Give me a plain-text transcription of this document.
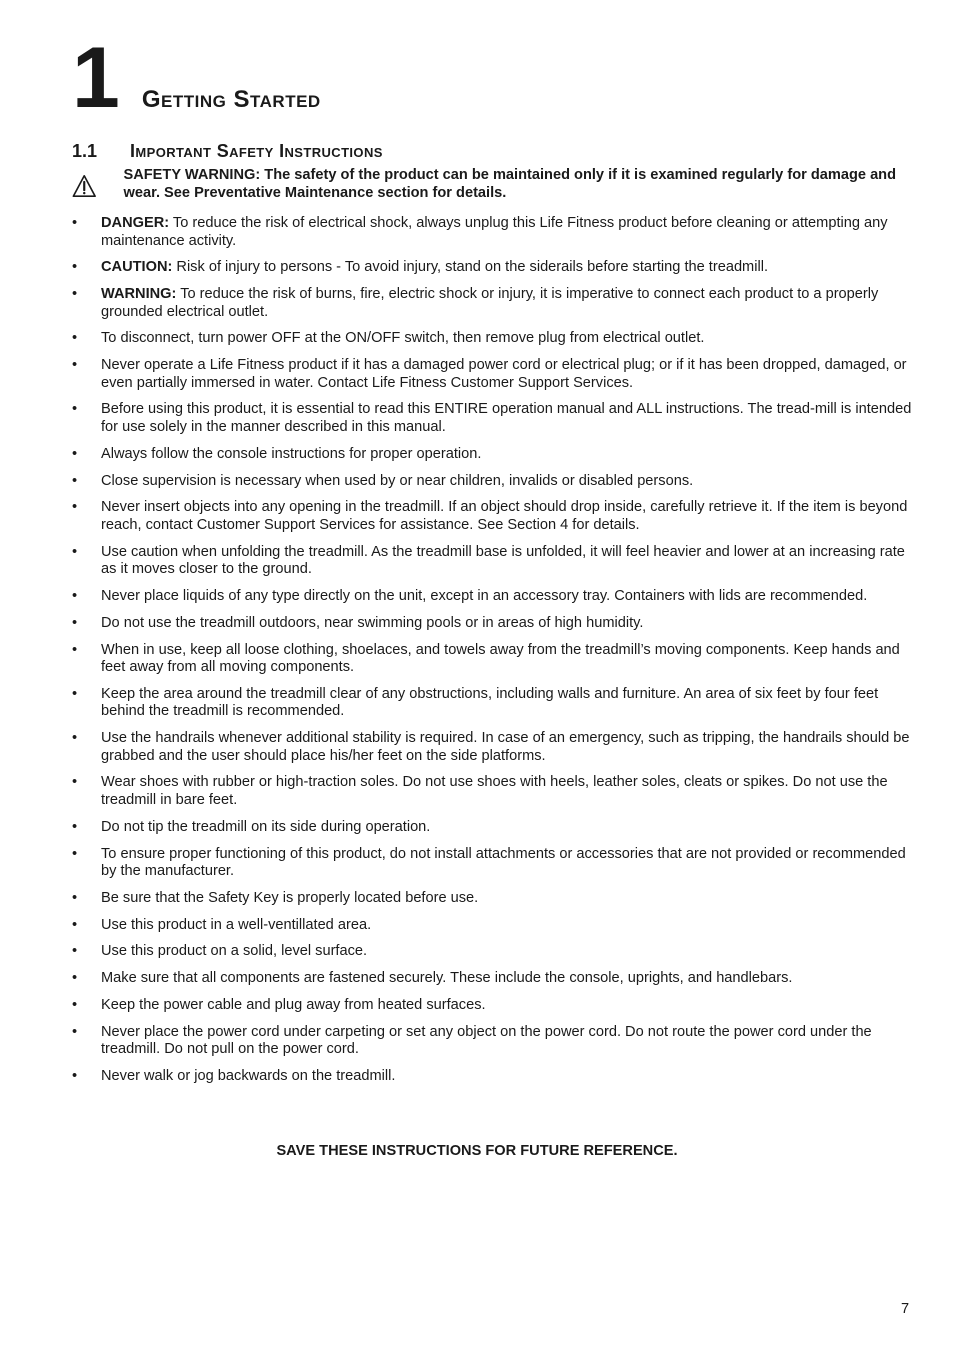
1 Getting Started
1.1	Important Safety Instructions
SAFETY WARNING: The safety of the product can be maintained only if it is examined regularly for damage and wear. See Preventative Maintenance section for details.
• DANGER: To reduce the risk of electrical shock, always unplug this Life Fitness product before cleaning or attempting any maintenance activity.
• CAUTION: Risk of injury to persons - To avoid injury, stand on the siderails before starting the treadmill.
• WARNING: To reduce the risk of burns, fire, electric shock or injury, it is imperative to connect each product to a properly grounded electrical outlet.
• To disconnect, turn power OFF at the ON/OFF switch, then remove plug from electrical outlet.
• Never operate a Life Fitness product if it has a damaged power cord or electrical plug; or if it has been dropped, damaged, or even partially immersed in water. Contact Life Fitness Customer Support Services.
• Before using this product, it is essential to read this ENTIRE operation manual and ALL instructions. The tread-mill is intended for use solely in the manner described in this manual.
• Always follow the console instructions for proper operation.
• Close supervision is necessary when used by or near children, invalids or disabled persons.
• Never insert objects into any opening in the treadmill. If an object should drop inside, carefully retrieve it. If the item is beyond reach, contact Customer Support Services for assistance. See Section 4 for details.
• Use caution when unfolding the treadmill. As the treadmill base is unfolded, it will feel heavier and lower at an increasing rate as it moves closer to the ground.
• Never place liquids of any type directly on the unit, except in an accessory tray. Containers with lids are recommended.
• Do not use the treadmill outdoors, near swimming pools or in areas of high humidity.
• When in use, keep all loose clothing, shoelaces, and towels away from the treadmill’s moving components. Keep hands and feet away from all moving components.
• Keep the area around the treadmill clear of any obstructions, including walls and furniture. An area of six feet by four feet behind the treadmill is recommended.
• Use the handrails whenever additional stability is required. In case of an emergency, such as tripping, the handrails should be grabbed and the user should place his/her feet on the side platforms.
• Wear shoes with rubber or high-traction soles. Do not use shoes with heels, leather soles, cleats or spikes. Do not use the treadmill in bare feet.
• Do not tip the treadmill on its side during operation.
• To ensure proper functioning of this product, do not install attachments or accessories that are not provided or recommended by the manufacturer.
• Be sure that the Safety Key is properly located before use.
• Use this product in a well-ventillated area.
• Use this product on a solid, level surface.
• Make sure that all components are fastened securely. These include the console, uprights, and handlebars.
• Keep the power cable and plug away from heated surfaces.
• Never place the power cord under carpeting or set any object on the power cord. Do not route the power cord under the treadmill. Do not pull on the power cord.
• Never walk or jog backwards on the treadmill.
SAVE THESE INSTRUCTIONS FOR FUTURE REFERENCE.
7
